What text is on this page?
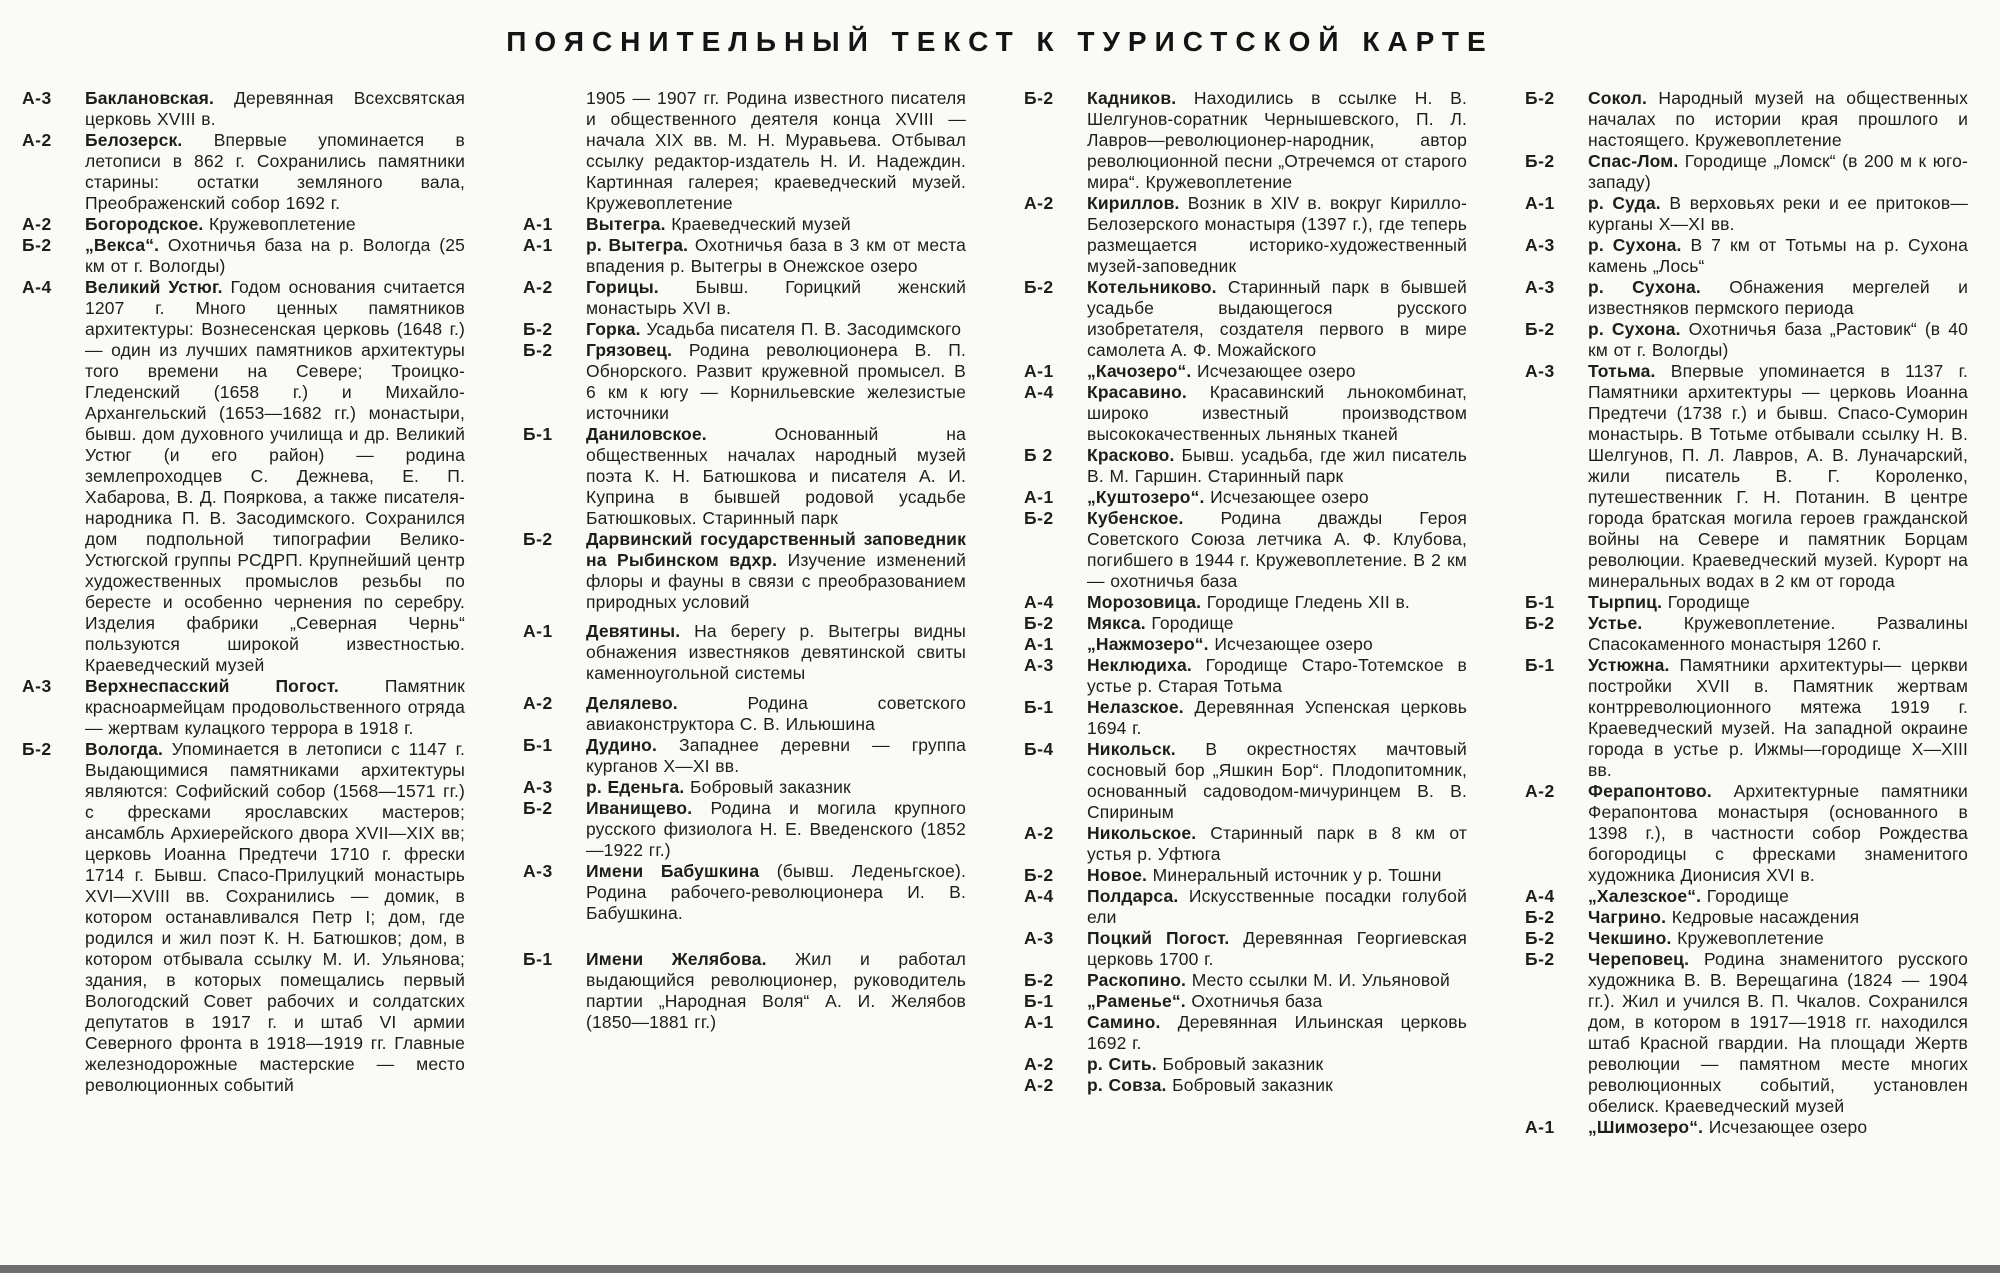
ПОЯСНИТЕЛЬНЫЙ ТЕКСТ К ТУРИСТСКОЙ КАРТЕ
А-3	Баклановская. Деревянная Всехсвятская церковь XVIII в.
А-2	Белозерск. Впервые упоминается в летописи в 862 г. Сохранились памятники старины: остатки земляного вала, Преображенский собор 1692 г.
А-2	Богородское. Кружевоплетение
Б-2	„Векса“. Охотничья база на р. Вологда (25 км от г. Вологды)
А-4	Великий Устюг. Годом основания считается 1207 г. Много ценных памятников архитектуры: Вознесенская церковь (1648 г.) — один из лучших памятников архитектуры того времени на Севере; Троицко-Гледенский (1658 г.) и Михайло-Архангельский (1653—1682 гг.) монастыри, бывш. дом духовного училища и др. Великий Устюг (и его район) — родина землепроходцев С. Дежнева, Е. П. Хабарова, В. Д. Пояркова, а также писателя-народника П. В. Засодимского. Сохранился дом подпольной типографии Велико-Устюгской группы РСДРП. Крупнейший центр художественных промыслов резьбы по бересте и особенно чернения по серебру. Изделия фабрики „Северная Чернь“ пользуются широкой известностью. Краеведческий музей
А-3	Верхнеспасский Погост.	Памятник красноармейцам продовольственного отряда — жертвам кулацкого террора в 1918 г.
Б-2	Вологда. Упоминается в летописи с 1147 г. Выдающимися памятниками архитектуры являются: Софийский собор (1568—1571 гг.) с фресками ярославских мастеров; ансамбль Архиерейского двора XVII—XIX вв; церковь Иоанна Предтечи 1710 г. фрески 1714 г. Бывш. Спасо-Прилуцкий монастырь XVI—XVIII вв. Сохранились — домик, в котором останавливался Петр I; дом, где родился и жил поэт К. Н. Батюшков; дом, в котором отбывала ссылку М. И. Ульянова; здания, в которых помещались первый Вологодский Совет рабочих и солдатских депутатов в 1917 г. и штаб VI армии Северного фронта в 1918—1919 гг. Главные железнодорожные мастерские — место революционных событий
1905 — 1907 гг. Родина известного писателя и общественного деятеля конца XVIII — начала XIX вв. М. Н. Муравьева. Отбывал ссылку редактор-издатель Н. И. Надеждин. Картинная галерея; краеведческий музей. Кружевоплетение
А-1	Вытегра. Краеведческий музей
А-1	р. Вытегра. Охотничья база в 3 км от места впадения р. Вытегры в Онежское озеро
А-2	Горицы. Бывш. Горицкий женский монастырь XVI в.
Б-2	Горка. Усадьба писателя П. В. Засодимского
Б-2	Грязовец. Родина революционера В. П. Обнорского. Развит кружевной промысел. В 6 км к югу — Корнильевские железистые источники
Б-1	Даниловское.	Основанный на общественных началах народный музей поэта К. Н. Батюшкова и писателя А. И. Куприна в бывшей родовой усадьбе Батюшковых. Старинный парк
Б-2	Дарвинский государственный заповедник на Рыбинском вдхр. Изучение изменений флоры и фауны в связи с преобразованием природных условий
А-1	Девятины. На берегу р. Вытегры видны обнажения известняков девятинской свиты каменноугольной системы
А-2	Делялево.	Родина советского авиаконструктора С. В. Ильюшина
Б-1	Дудино. Западнее деревни — группа курганов X—XI вв.
А-3	р. Еденьга. Бобровый заказник
Б-2	Иванищево. Родина и могила крупного русского физиолога Н. Е. Введенского (1852—1922 гг.)
А-3	Имени Бабушкина (бывш. Леденьгское). Родина рабочего-революционера И. В. Бабушкина.
Б-1	Имени Желябова. Жил и работал выдающийся революционер, руководитель партии „Народная Воля“ А. И. Желябов (1850—1881 гг.)
Б-2	Кадников. Находились в ссылке Н. В. Шелгунов-соратник Чернышевского, П. Л. Лавров—революционер-народник, автор революционной песни „Отречемся от старого мира“. Кружевоплетение
А-2	Кириллов. Возник в XIV в. вокруг Кирилло-Белозерского монастыря (1397 г.), где теперь размещается историко-художественный музей-заповедник
Б-2	Котельниково. Старинный парк в бывшей усадьбе выдающегося русского изобретателя, создателя первого в мире самолета А. Ф. Можайского
А-1	„Качозеро“. Исчезающее озеро
А-4	Красавино. Красавинский льнокомбинат, широко известный производством высококачественных льняных тканей
Б 2	Красково. Бывш. усадьба, где жил писатель В. М. Гаршин. Старинный парк
А-1	„Куштозеро“. Исчезающее озеро
Б-2	Кубенское. Родина дважды Героя Советского Союза летчика А. Ф. Клубова, погибшего в 1944 г. Кружевоплетение. В 2 км — охотничья база
А-4	Морозовица. Городище Гледень XII в.
Б-2	Мякса. Городище
А-1	„Нажмозеро“. Исчезающее озеро
А-3	Неклюдиха. Городище Старо-Тотемское в устье р. Старая Тотьма
Б-1	Нелазское. Деревянная Успенская церковь 1694 г.
Б-4	Никольск. В окрестностях мачтовый сосновый бор „Яшкин Бор“. Плодопитомник, основанный садоводом-мичуринцем В. В. Спириным
А-2	Никольское. Старинный парк в 8 км от устья р. Уфтюга
Б-2	Новое. Минеральный источник у р. Тошни
А-4	Полдарса. Искусственные посадки голубой ели
А-3	Поцкий Погост. Деревянная Георгиевская церковь 1700 г.
Б-2	Раскопино. Место ссылки М. И. Ульяновой
Б-1	„Раменье“. Охотничья база
А-1	Самино. Деревянная Ильинская церковь 1692 г.
А-2	р. Сить. Бобровый заказник
А-2	р. Совза. Бобровый заказник
Б-2	Сокол. Народный музей на общественных началах по истории края прошлого и настоящего. Кружевоплетение
Б-2	Спас-Лом. Городище „Ломск“ (в 200 м к юго-западу)
А-1	р. Суда. В верховьях реки и ее притоков—курганы X—XI вв.
А-3	р. Сухона. В 7 км от Тотьмы на р. Сухона камень „Лось“
А-3	р. Сухона. Обнажения мергелей и известняков пермского периода
Б-2	р. Сухона. Охотничья база „Растовик“ (в 40 км от г. Вологды)
А-3	Тотьма. Впервые упоминается в 1137 г. Памятники архитектуры — церковь Иоанна Предтечи (1738 г.) и бывш. Спасо-Суморин монастырь. В Тотьме отбывали ссылку Н. В. Шелгунов, П. Л. Лавров, А. В. Луначарский, жили писатель В. Г. Короленко, путешественник Г. Н. Потанин. В центре города братская могила героев гражданской войны на Севере и памятник Борцам революции. Краеведческий музей. Курорт на минеральных водах в 2 км от города
Б-1	Тырпиц. Городище
Б-2	Устье. Кружевоплетение. Развалины Спасокаменного монастыря 1260 г.
Б-1	Устюжна. Памятники архитектуры— церкви постройки XVII в. Памятник жертвам контрреволюционного мятежа 1919 г. Краеведческий музей. На западной окраине города в устье р. Ижмы—городище X—XIII вв.
А-2	Ферапонтово. Архитектурные памятники Ферапонтова монастыря (основанного в 1398 г.), в частности собор Рождества богородицы с фресками знаменитого художника Дионисия XVI в.
А-4	„Халезское“. Городище
Б-2	Чагрино. Кедровые насаждения
Б-2	Чекшино. Кружевоплетение
Б-2	Череповец. Родина знаменитого русского художника В. В. Верещагина (1824 — 1904 гг.). Жил и учился В. П. Чкалов. Сохранился дом, в котором в 1917—1918 гг. находился штаб Красной гвардии. На площади Жертв революции — памятном месте многих революционных событий, установлен обелиск. Краеведческий музей
А-1	„Шимозеро“. Исчезающее озеро
